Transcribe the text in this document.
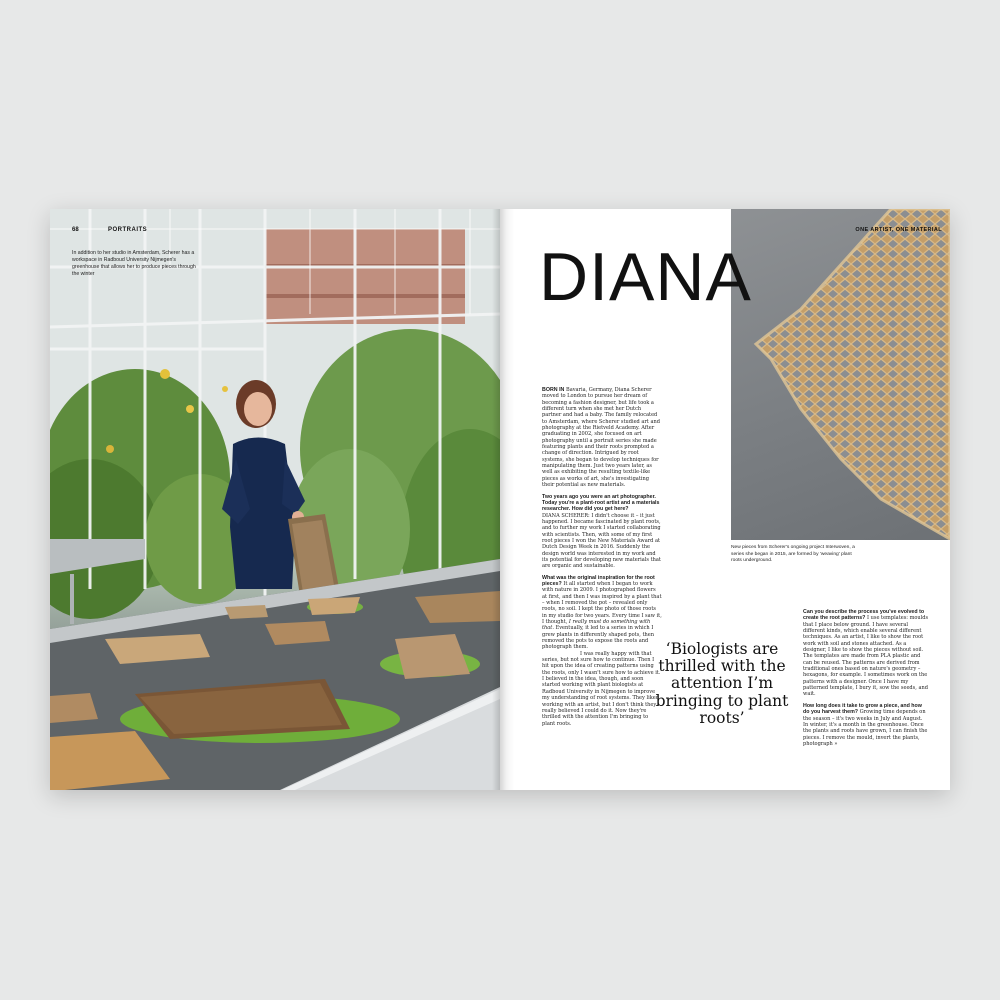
68	PORTRAITS
In addition to her studio in Amsterdam, Scherer has a workspace in Radboud University Nijmegen's greenhouse that allows her to produce pieces through the winter
ONE ARTIST, ONE MATERIAL
DIANA

BORN IN Bavaria, Germany, Diana Scherer moved to London to pursue her dream of becoming a fashion designer, but life took a different turn when she met her Dutch partner and had a baby. The family relocated to Amsterdam, where Scherer studied art and photography at the Rietveld Academy. After graduating in 2002, she focused on art photography until a portrait series she made featuring plants and their roots prompted a change of direction. Intrigued by root systems, she began to develop techniques for manipulating them. Just two years later, as well as exhibiting the resulting textile-like pieces as works of art, she's investigating their potential as new materials.

Two years ago you were an art photographer. Today you're a plant-root artist and a materials researcher. How did you get here?

DIANA SCHERER: I didn't choose it – it just happened. I became fascinated by plant roots, and to further my work I started collaborating with scientists. Then, with some of my first root pieces I won the New Materials Award at Dutch Design Week in 2016. Suddenly the design world was interested in my work and its potential for developing new materials that are organic and sustainable.

What was the original inspiration for the root pieces? It all started when I began to work with nature in 2009. I photographed flowers at first, and then I was inspired by a plant that – when I removed the pot – revealed only roots, no soil. I kept the photo of those roots in my studio for two years. Every time I saw it, I thought, I really must do something with that. Eventually, it led to a series in which I grew plants in differently shaped pots, then removed the pots to expose the roots and photograph them.

I was really happy with that series, but not sure how to continue. Then I hit upon the idea of creating patterns using the roots, only I wasn't sure how to achieve it. I believed in the idea, though, and soon started working with plant biologists at Radboud University in Nijmegen to improve my understanding of root systems. They liked working with an artist, but I don't think they really believed I could do it. Now they're thrilled with the attention I'm bringing to plant roots.

New pieces from Scherer's ongoing project Interwoven, a series she began in 2015, are formed by 'weaving' plant roots underground.
‘Biologists are thrilled with the attention I’m bringing to plant roots’

Can you describe the process you've evolved to create the root patterns? I use templates: moulds that I place below ground. I have several different kinds, which enable several different techniques. As an artist, I like to show the root work with soil and stones attached. As a designer, I like to show the pieces without soil. The templates are made from PLA plastic and can be reused. The patterns are derived from traditional ones based on nature's geometry – hexagons, for example. I sometimes work on the patterns with a designer. Once I have my patterned template, I bury it, sow the seeds, and wait.

How long does it take to grow a piece, and how do you harvest them? Growing time depends on the season – it's two weeks in July and August. In winter, it's a month in the greenhouse. Once the plants and roots have grown, I can finish the pieces. I remove the mould, invert the plants, photograph »
